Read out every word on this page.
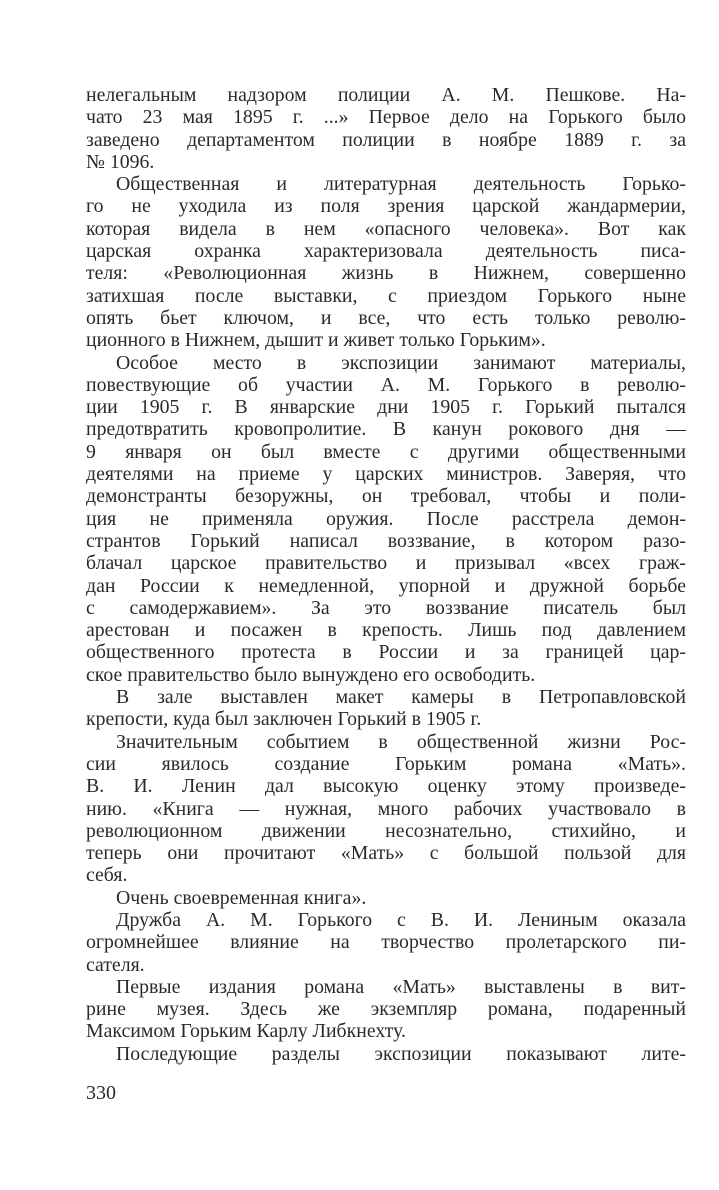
нелегальным надзором полиции А. М. Пешкове. На-
чато 23 мая 1895 г. ...» Первое дело на Горького было
заведено департаментом полиции в ноябре 1889 г. за
№ 1096.
Общественная и литературная деятельность Горько-
го не уходила из поля зрения царской жандармерии,
которая видела в нем «опасного человека». Вот как
царская охранка характеризовала деятельность писа-
теля: «Революционная жизнь в Нижнем, совершенно
затихшая после выставки, с приездом Горького ныне
опять бьет ключом, и все, что есть только револю-
ционного в Нижнем, дышит и живет только Горьким».
Особое место в экспозиции занимают материалы,
повествующие об участии А. М. Горького в револю-
ции 1905 г. В январские дни 1905 г. Горький пытался
предотвратить кровопролитие. В канун рокового дня —
9 января он был вместе с другими общественными
деятелями на приеме у царских министров. Заверяя, что
демонстранты безоружны, он требовал, чтобы и поли-
ция не применяла оружия. После расстрела демон-
странтов Горький написал воззвание, в котором разо-
блачал царское правительство и призывал «всех граж-
дан России к немедленной, упорной и дружной борьбе
с самодержавием». За это воззвание писатель был
арестован и посажен в крепость. Лишь под давлением
общественного протеста в России и за границей цар-
ское правительство было вынуждено его освободить.
В зале выставлен макет камеры в Петропавловской
крепости, куда был заключен Горький в 1905 г.
Значительным событием в общественной жизни Рос-
сии явилось создание Горьким романа «Мать».
В. И. Ленин дал высокую оценку этому произведе-
нию. «Книга — нужная, много рабочих участвовало в
революционном движении несознательно, стихийно, и
теперь они прочитают «Мать» с большой пользой для
себя.
Очень своевременная книга».
Дружба А. М. Горького с В. И. Лениным оказала
огромнейшее влияние на творчество пролетарского пи-
сателя.
Первые издания романа «Мать» выставлены в вит-
рине музея. Здесь же экземпляр романа, подаренный
Максимом Горьким Карлу Либкнехту.
Последующие разделы экспозиции показывают лите-
330
